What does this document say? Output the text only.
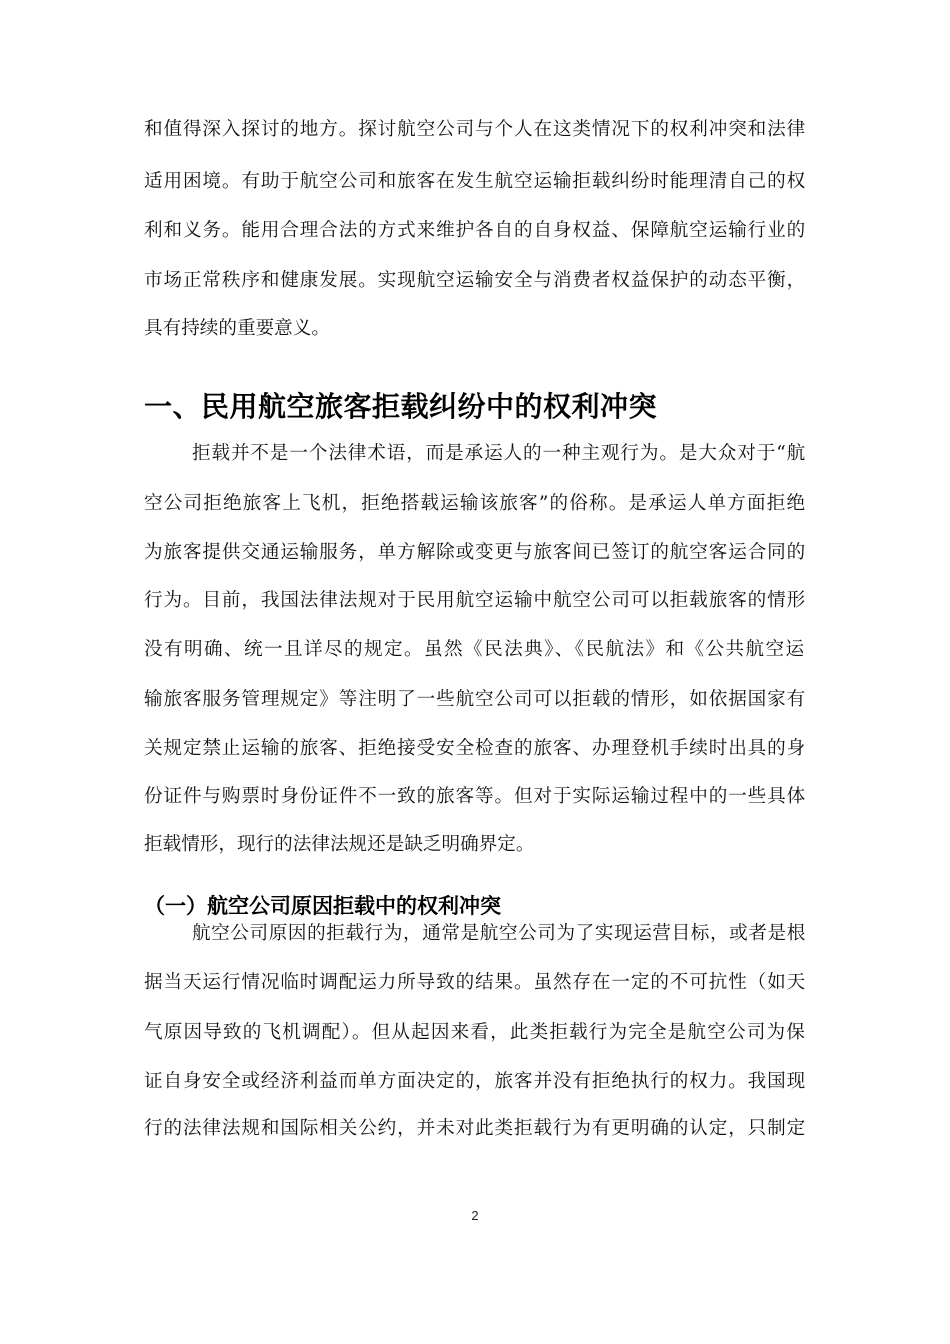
和值得深入探讨的地方。探讨航空公司与个人在这类情况下的权利冲突和法律

适用困境。有助于航空公司和旅客在发生航空运输拒载纠纷时能理清自己的权

利和义务。能用合理合法的方式来维护各自的自身权益、保障航空运输行业的

市场正常秩序和健康发展。实现航空运输安全与消费者权益保护的动态平衡，

具有持续的重要意义。

一、民用航空旅客拒载纠纷中的权利冲突

拒载并不是一个法律术语，而是承运人的一种主观行为。是大众对于“航

空公司拒绝旅客上飞机，拒绝搭载运输该旅客”的俗称。是承运人单方面拒绝

为旅客提供交通运输服务，单方解除或变更与旅客间已签订的航空客运合同的

行为。目前，我国法律法规对于民用航空运输中航空公司可以拒载旅客的情形

没有明确、统一且详尽的规定。虽然《民法典》、《民航法》和《公共航空运

输旅客服务管理规定》等注明了一些航空公司可以拒载的情形，如依据国家有

关规定禁止运输的旅客、拒绝接受安全检查的旅客、办理登机手续时出具的身

份证件与购票时身份证件不一致的旅客等。但对于实际运输过程中的一些具体

拒载情形，现行的法律法规还是缺乏明确界定。

（一）航空公司原因拒载中的权利冲突

航空公司原因的拒载行为，通常是航空公司为了实现运营目标，或者是根

据当天运行情况临时调配运力所导致的结果。虽然存在一定的不可抗性（如天

气原因导致的飞机调配）。但从起因来看，此类拒载行为完全是航空公司为保

证自身安全或经济利益而单方面决定的，旅客并没有拒绝执行的权力。我国现

行的法律法规和国际相关公约，并未对此类拒载行为有更明确的认定，只制定

2
